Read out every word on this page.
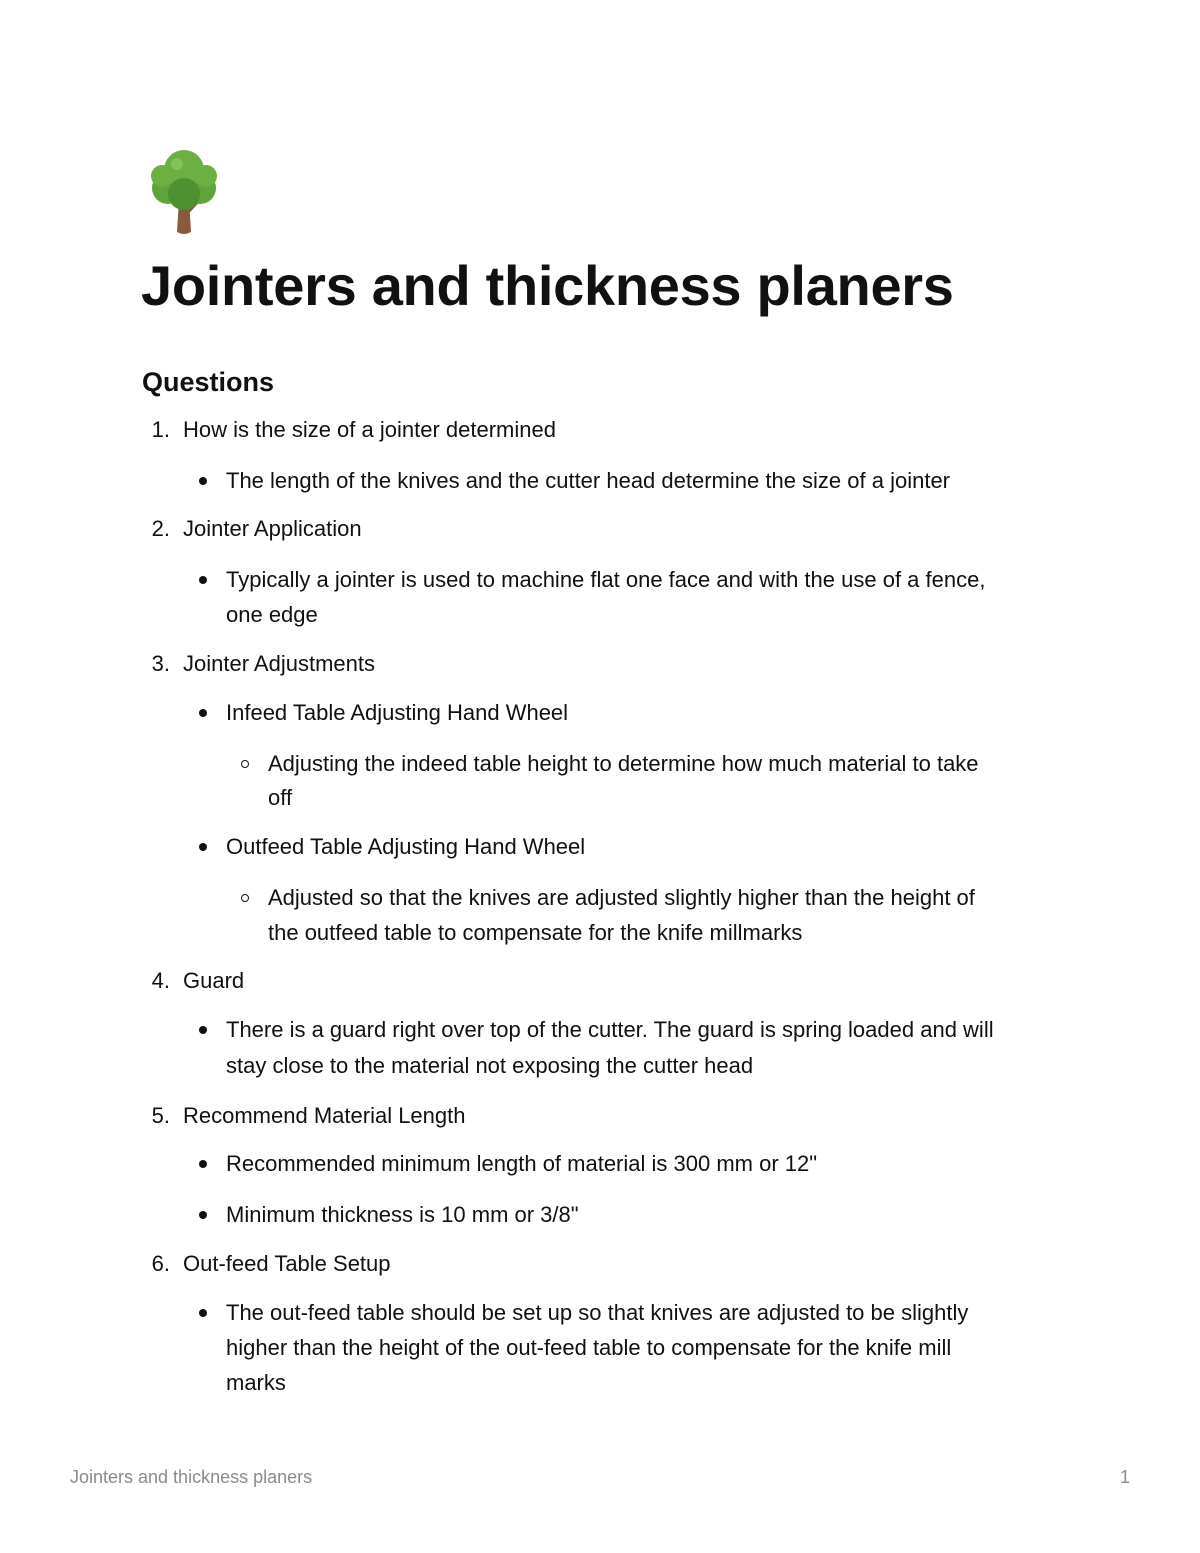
Jointers and thickness planers
Questions
1. How is the size of a jointer determined
The length of the knives and the cutter head determine the size of a jointer
2. Jointer Application
Typically a jointer is used to machine flat one face and with the use of a fence,
one edge
3. Jointer Adjustments
Infeed Table Adjusting Hand Wheel
Adjusting the indeed table height to determine how much material to take
off
Outfeed Table Adjusting Hand Wheel
Adjusted so that the knives are adjusted slightly higher than the height of
the outfeed table to compensate for the knife millmarks
4. Guard
There is a guard right over top of the cutter. The guard is spring loaded and will
stay close to the material not exposing the cutter head
5. Recommend Material Length
Recommended minimum length of material is 300 mm or 12"
Minimum thickness is 10 mm or 3/8"
6. Out-feed Table Setup
The out-feed table should be set up so that knives are adjusted to be slightly
higher than the height of the out-feed table to compensate for the knife mill
marks
Jointers and thickness planers	1
